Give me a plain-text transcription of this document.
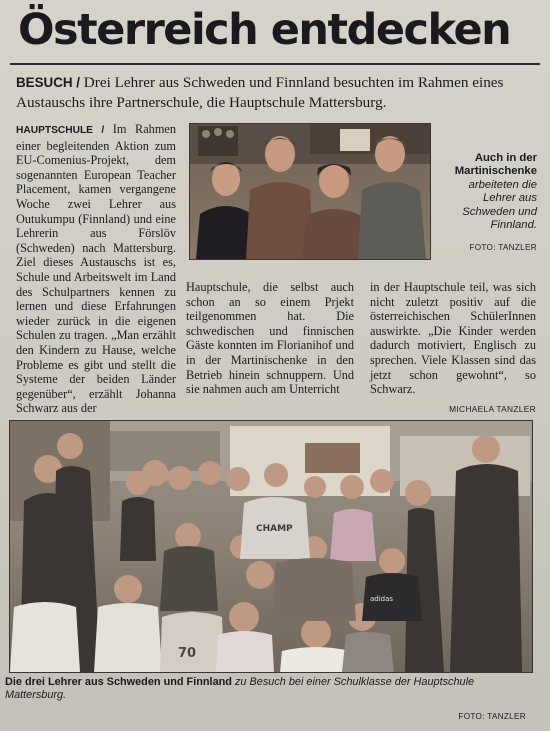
Österreich entdecken

BESUCH / Drei Lehrer aus Schweden und Finnland besuchten im Rahmen eines Austauschs ihre Partnerschule, die Hauptschule Mattersburg.

HAUPTSCHULE / Im Rahmen einer begleitenden Aktion zum EU-Comenius-Projekt, dem sogenannten European Teacher Placement, kamen vergangene Woche zwei Lehrer aus Outukumpu (Finnland) und eine Lehrerin aus Förslöv (Schweden) nach Mattersburg. Ziel dieses Austauschs ist es, Schule und Arbeitswelt im Land des Schulpartners kennen zu lernen und diese Erfahrungen wieder zurück in die eigenen Schulen zu tragen. „Man erzählt den Kindern zu Hause, welche Probleme es gibt und stellt die Systeme der beiden Länder gegenüber“, erzählt Johanna Schwarz aus der

Auch in der Martinischenke arbeiteten die Lehrer aus Schweden und Finnland.

FOTO: TANZLER

Hauptschule, die selbst auch schon an so einem Prjekt teilgenommen hat. Die schwedischen und finnischen Gäste konnten im Florianihof und in der Martinischenke in den Betrieb hinein schnuppern. Und sie nahmen auch am Unterricht

in der Hauptschule teil, was sich nicht zuletzt positiv auf die österreichischen SchülerInnen auswirkte. „Die Kinder werden dadurch motiviert, Englisch zu sprechen. Viele Klassen sind das jetzt schon gewohnt“, so Schwarz.

MICHAELA TANZLER

CHAMP
adidas
70

Die drei Lehrer aus Schweden und Finnland zu Besuch bei einer Schulklasse der Hauptschule Mattersburg.

FOTO: TANZLER
